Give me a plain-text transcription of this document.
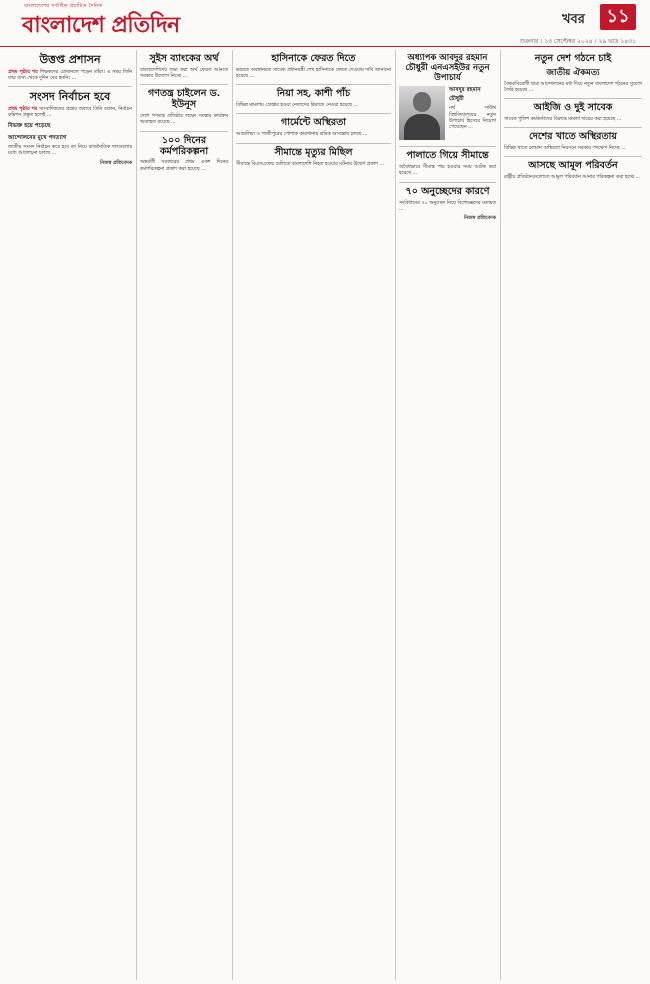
বাংলাদেশের সর্বাধিক প্রচারিত দৈনিক
বাংলাদেশ প্রতিদিন	খবর	১১
শুক্রবার । ১৩ সেপ্টেম্বর ২০২৪ । ২৯ ভাদ্র ১৪৩১
উত্তপ্ত প্রশাসন

প্রথম পৃষ্ঠার পর শিক্ষকদের রোষানলে পড়েন তাঁরা। এ সময় তিনি তার বাসা থেকে দুদিন বের হননি। ...

সংসদ নির্বাচন হবে

প্রথম পৃষ্ঠার পর সাংবাদিকদের প্রশ্নের জবাবে তিনি বলেন, নির্বাচন কমিশন প্রস্তুত হলেই ...

বিভক্ত হয়ে পড়েছে
আন্দোলনের মুখে পদত্যাগ

জাতীয় সংসদ নির্বাচন কবে হবে তা নিয়ে রাজনৈতিক দলগুলোর মধ্যে আলোচনা চলছে ...

নিজস্ব প্রতিবেদক
সুইস ব্যাংকের অর্থ

বাংলাদেশিদের জমা করা অর্থ ফেরত আনতে সরকার উদ্যোগ নিচ্ছে ...

গণতন্ত্র চাইলেন ড. ইউনূস

দেশে গণতন্ত্র প্রতিষ্ঠার লক্ষ্যে সংস্কার কার্যক্রম অব্যাহত রয়েছে ...

১০০ দিনের কর্মপরিকল্পনা

অন্তর্বর্তী সরকারের প্রথম একশ দিনের কর্মপরিকল্পনা প্রকাশ করা হয়েছে ...

হাসিনাকে ফেরত দিতে

ভারতে অবস্থানরত সাবেক প্রধানমন্ত্রী শেখ হাসিনাকে ফেরত দেওয়ার দাবি জানানো হয়েছে ...

নিয়া সহ, কাশী পাঁচ

বিভিন্ন মামলায় গ্রেপ্তার হওয়া নেতাদের রিমান্ডে নেওয়া হয়েছে ...

গার্মেন্টে অস্থিরতা

আশুলিয়া ও গাজীপুরের পোশাক কারখানায় শ্রমিক অসন্তোষ চলছে ...

সীমান্তে মৃত্যুর মিছিল

সীমান্তে বিএসএফের গুলিতে বাংলাদেশি নিহত হওয়ার ঘটনায় উদ্বেগ প্রকাশ ...

অধ্যাপক আবদুর রহমান চৌধুরী এনএসইউর নতুন উপাচার্য
আবদুর রহমান চৌধুরী

নর্থ সাউথ বিশ্ববিদ্যালয়ের নতুন উপাচার্য হিসেবে নিয়োগ পেয়েছেন ...

পালাতে গিয়ে সীমান্তে

অবৈধভাবে সীমান্ত পার হওয়ার সময় আটক করা হয়েছে ...

৭০ অনুচ্ছেদের কারণে

সংবিধানের ৭০ অনুচ্ছেদ নিয়ে বিশেষজ্ঞদের মতামত ...

নিজস্ব প্রতিবেদক
নতুন দেশ গঠনে চাই
জাতীয় ঐকমত্য

বৈষম্যবিরোধী ছাত্র আন্দোলনের মধ্য দিয়ে নতুন বাংলাদেশ গঠনের সুযোগ তৈরি হয়েছে ...

আইজি ও দুই সাবেক

সাবেক পুলিশ কর্মকর্তাদের বিরুদ্ধে মামলা দায়ের করা হয়েছে ...

দেশের খাতে অস্থিরতায়

বিভিন্ন খাতে চলমান অস্থিরতা নিরসনে সরকার পদক্ষেপ নিচ্ছে ...

আসছে আমূল পরিবর্তন

রাষ্ট্রীয় প্রতিষ্ঠানগুলোতে আমূল পরিবর্তন আনার পরিকল্পনা করা হচ্ছে ...
